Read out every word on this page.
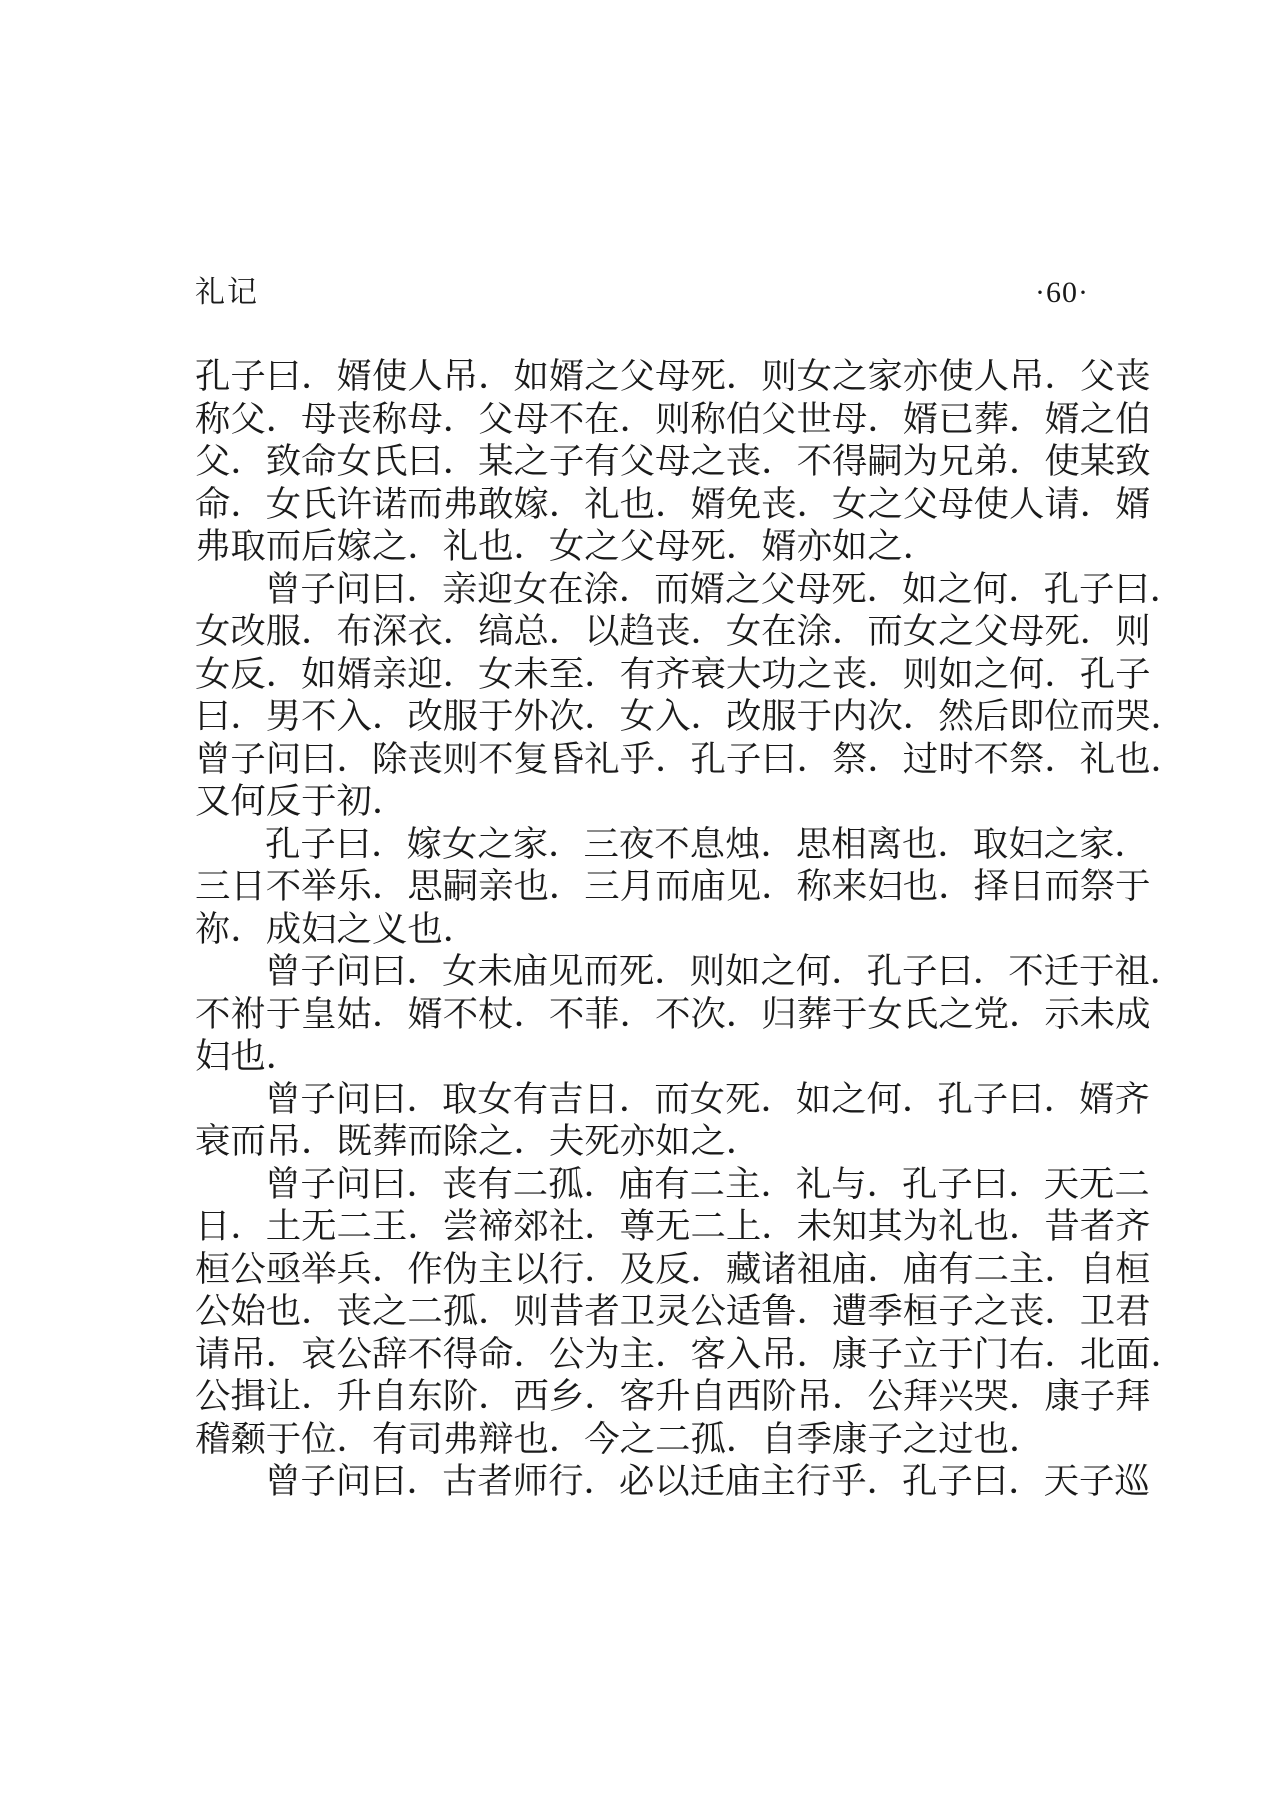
礼记	·60·
孔子曰．婿使人吊．如婿之父母死．则女之家亦使人吊．父丧
称父．母丧称母．父母不在．则称伯父世母．婿已葬．婿之伯
父．致命女氏曰．某之子有父母之丧．不得嗣为兄弟．使某致
命．女氏许诺而弗敢嫁．礼也．婿免丧．女之父母使人请．婿
弗取而后嫁之．礼也．女之父母死．婿亦如之．
曾子问曰．亲迎女在涂．而婿之父母死．如之何．孔子曰．
女改服．布深衣．缟总．以趋丧．女在涂．而女之父母死．则
女反．如婿亲迎．女未至．有齐衰大功之丧．则如之何．孔子
曰．男不入．改服于外次．女入．改服于内次．然后即位而哭．
曾子问曰．除丧则不复昏礼乎．孔子曰．祭．过时不祭．礼也．
又何反于初．
孔子曰．嫁女之家．三夜不息烛．思相离也．取妇之家．
三日不举乐．思嗣亲也．三月而庙见．称来妇也．择日而祭于
祢．成妇之义也．
曾子问曰．女未庙见而死．则如之何．孔子曰．不迁于祖．
不祔于皇姑．婿不杖．不菲．不次．归葬于女氏之党．示未成
妇也．
曾子问曰．取女有吉日．而女死．如之何．孔子曰．婿齐
衰而吊．既葬而除之．夫死亦如之．
曾子问曰．丧有二孤．庙有二主．礼与．孔子曰．天无二
日．土无二王．尝禘郊社．尊无二上．未知其为礼也．昔者齐
桓公亟举兵．作伪主以行．及反．藏诸祖庙．庙有二主．自桓
公始也．丧之二孤．则昔者卫灵公适鲁．遭季桓子之丧．卫君
请吊．哀公辞不得命．公为主．客入吊．康子立于门右．北面．
公揖让．升自东阶．西乡．客升自西阶吊．公拜兴哭．康子拜
稽颡于位．有司弗辩也．今之二孤．自季康子之过也．
曾子问曰．古者师行．必以迁庙主行乎．孔子曰．天子巡
